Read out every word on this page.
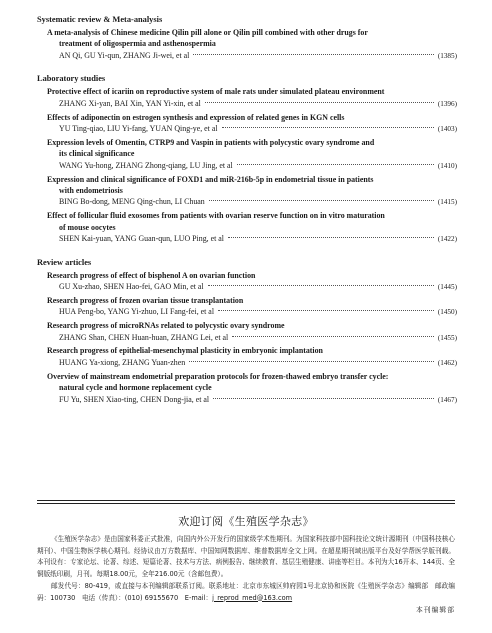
Systematic review & Meta-analysis
A meta-analysis of Chinese medicine Qilin pill alone or Qilin pill combined with other drugs for
treatment of oligospermia and asthenospermia
AN Qi, GU Yi-qun, ZHANG Ji-wei, et al	(1385)
Laboratory studies
Protective effect of icariin on reproductive system of male rats under simulated plateau environment
ZHANG Xi-yan, BAI Xin, YAN Yi-xin, et al	(1396)
Effects of adiponectin on estrogen synthesis and expression of related genes in KGN cells
YU Ting-qiao, LIU Yi-fang, YUAN Qing-ye, et al	(1403)
Expression levels of Omentin, CTRP9 and Vaspin in patients with polycystic ovary syndrome and
its clinical significance
WANG Yu-hong, ZHANG Zhong-qiang, LU Jing, et al	(1410)
Expression and clinical significance of FOXD1 and miR-216b-5p in endometrial tissue in patients
with endometriosis
BING Bo-dong, MENG Qing-chun, LI Chuan	(1415)
Effect of follicular fluid exosomes from patients with ovarian reserve function on in vitro maturation
of mouse oocytes
SHEN Kai-yuan, YANG Guan-qun, LUO Ping, et al	(1422)
Review articles
Research progress of effect of bisphenol A on ovarian function
GU Xu-zhao, SHEN Hao-fei, GAO Min, et al	(1445)
Research progress of frozen ovarian tissue transplantation
HUA Peng-bo, YANG Yi-zhuo, LI Fang-fei, et al	(1450)
Research progress of microRNAs related to polycystic ovary syndrome
ZHANG Shan, CHEN Huan-huan, ZHANG Lei, et al	(1455)
Research progress of epithelial-mesenchymal plasticity in embryonic implantation
HUANG Ya-xiong, ZHANG Yuan-zhen	(1462)
Overview of mainstream endometrial preparation protocols for frozen-thawed embryo transfer cycle:
natural cycle and hormone replacement cycle
FU Yu, SHEN Xiao-ting, CHEN Dong-jia, et al	(1467)
欢迎订阅《生殖医学杂志》

《生殖医学杂志》是由国家科委正式批准，向国内外公开发行的国家级学术性期刊。为国家科技部中国科技论文统计源期刊（中国科技核心期刊）、中国生物医学核心期刊。经协议由万方数据库、中国知网数据库、维普数据库全文上网。在超星期刊域出版平台及好学帮医学版刊载。本刊设有：专家论坛、论著、综述、短篇论著、技术与方法、病例报告、继续教育、基层生殖健康、讲座等栏目。本刊为大16开本、144页、全铜版纸印刷，月刊。每期18.00元，全年216.00元（含邮包费）。

邮发代号：80-419，或直接与本刊编辑部联系订阅。联系地址：北京市东城区帅府园1号北京协和医院《生殖医学杂志》编辑部　邮政编码：100730　电话（传真）：(010) 69155670　E-mail：j_reprod_med@163.com

本刊编辑部
